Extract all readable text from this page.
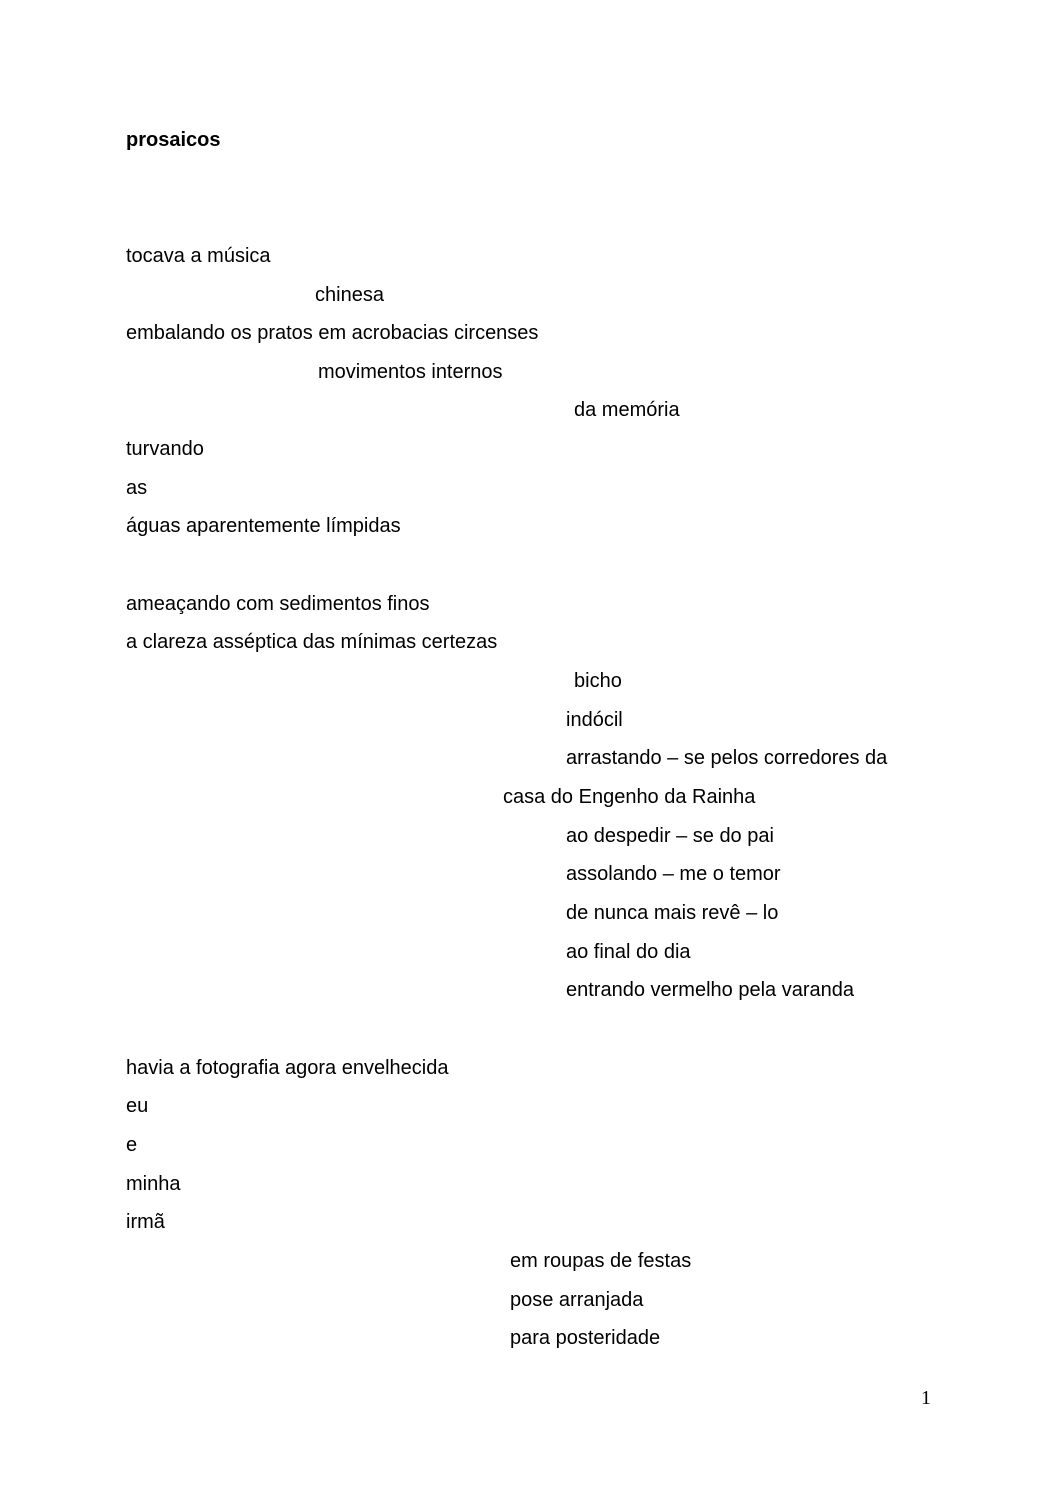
prosaicos
tocava a música
chinesa
embalando os pratos em acrobacias circenses
movimentos internos
da memória
turvando
as
águas aparentemente límpidas
ameaçando com sedimentos finos
a clareza asséptica das mínimas certezas
bicho
indócil
arrastando – se pelos corredores da
casa do Engenho da Rainha
ao despedir – se do pai
assolando – me o temor
de nunca mais revê – lo
ao final do dia
entrando vermelho pela varanda
havia a fotografia agora envelhecida
eu
e
minha
irmã
em roupas de festas
pose arranjada
para posteridade
1
